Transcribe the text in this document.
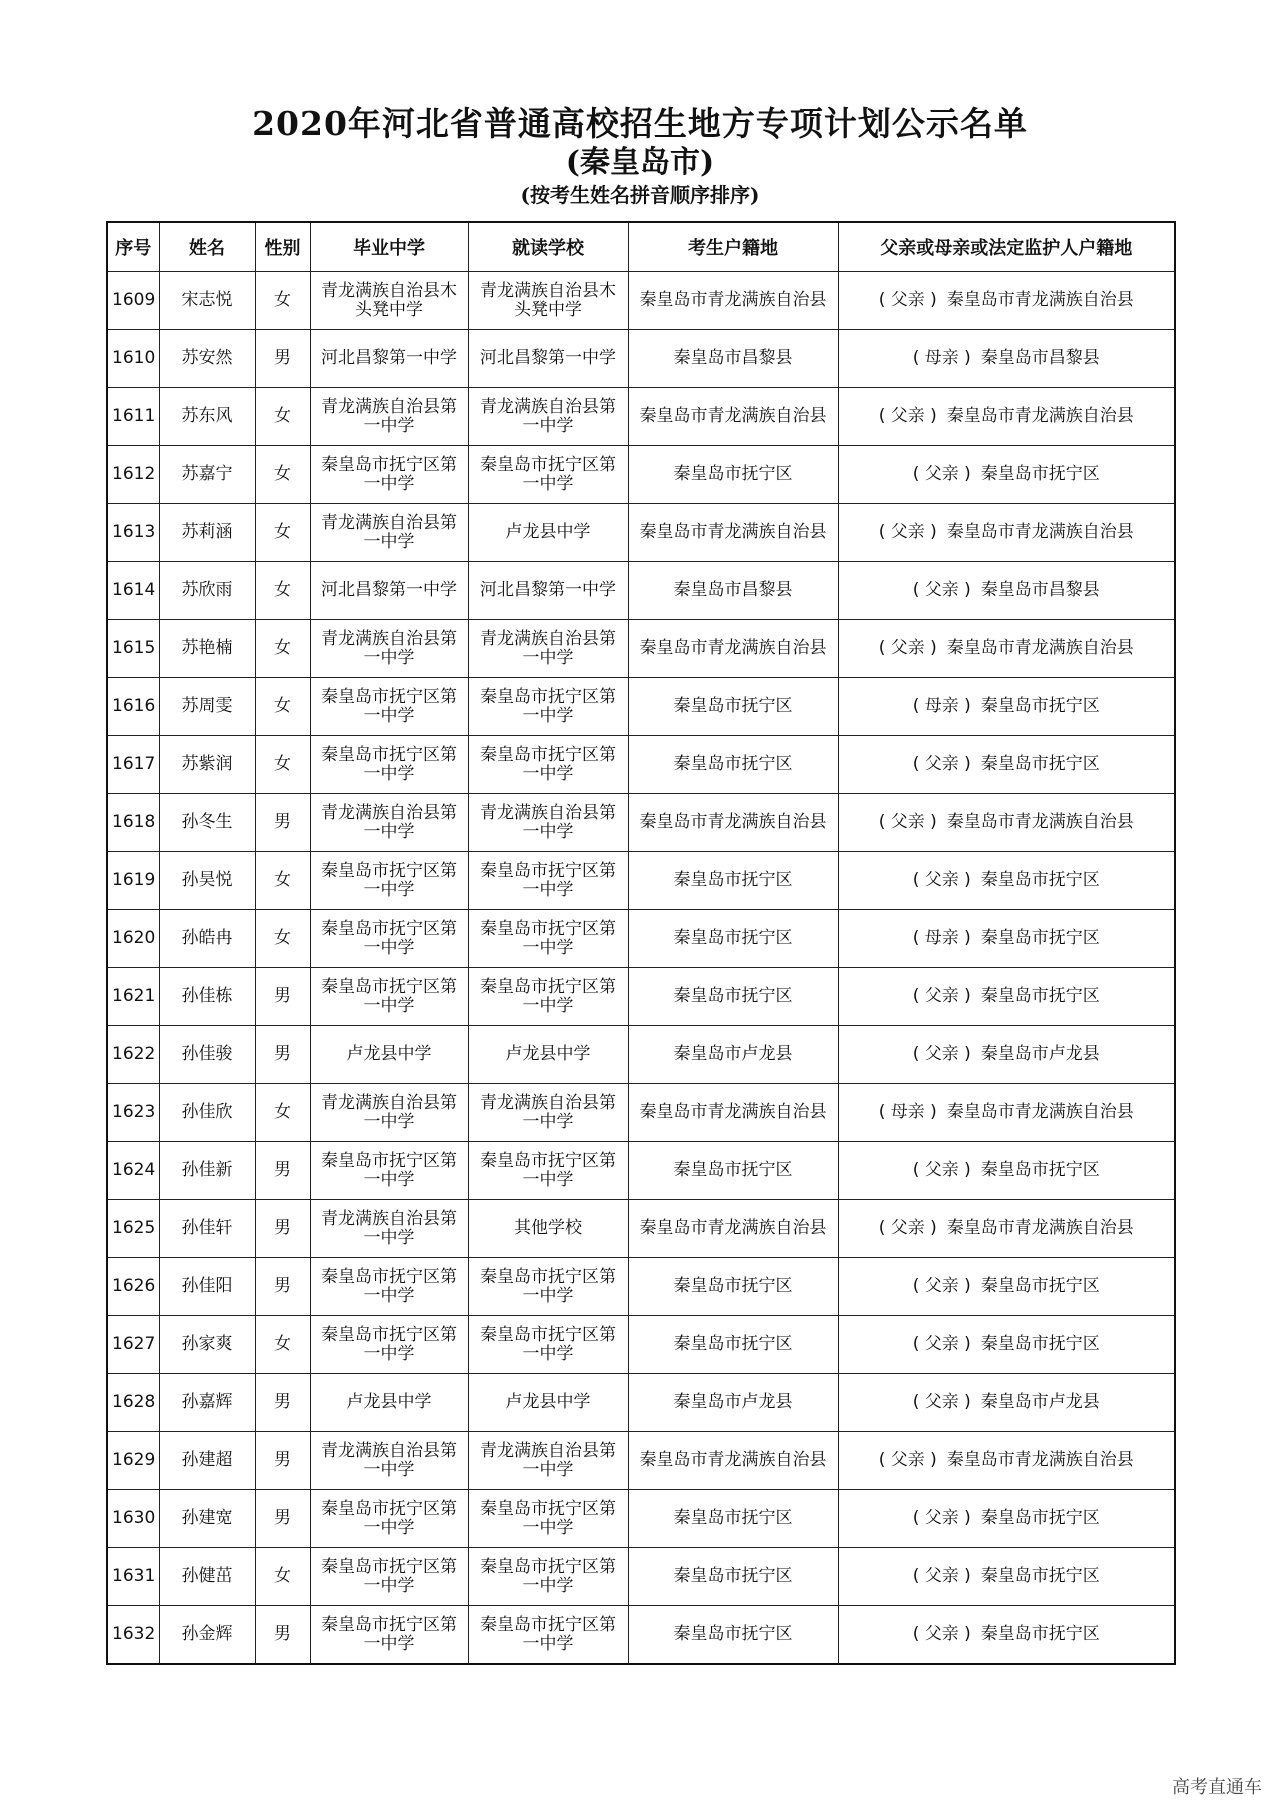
2020年河北省普通高校招生地方专项计划公示名单
(秦皇岛市)
(按考生姓名拼音顺序排序)
序号	姓名	性别	毕业中学	就读学校	考生户籍地	父亲或母亲或法定监护人户籍地
1609	宋志悦	女	青龙满族自治县木头凳中学	青龙满族自治县木头凳中学	秦皇岛市青龙满族自治县	( 父亲 ) 秦皇岛市青龙满族自治县
1610	苏安然	男	河北昌黎第一中学	河北昌黎第一中学	秦皇岛市昌黎县	( 母亲 ) 秦皇岛市昌黎县
1611	苏东风	女	青龙满族自治县第一中学	青龙满族自治县第一中学	秦皇岛市青龙满族自治县	( 父亲 ) 秦皇岛市青龙满族自治县
1612	苏嘉宁	女	秦皇岛市抚宁区第一中学	秦皇岛市抚宁区第一中学	秦皇岛市抚宁区	( 父亲 ) 秦皇岛市抚宁区
1613	苏莉涵	女	青龙满族自治县第一中学	卢龙县中学	秦皇岛市青龙满族自治县	( 父亲 ) 秦皇岛市青龙满族自治县
1614	苏欣雨	女	河北昌黎第一中学	河北昌黎第一中学	秦皇岛市昌黎县	( 父亲 ) 秦皇岛市昌黎县
1615	苏艳楠	女	青龙满族自治县第一中学	青龙满族自治县第一中学	秦皇岛市青龙满族自治县	( 父亲 ) 秦皇岛市青龙满族自治县
1616	苏周雯	女	秦皇岛市抚宁区第一中学	秦皇岛市抚宁区第一中学	秦皇岛市抚宁区	( 母亲 ) 秦皇岛市抚宁区
1617	苏紫润	女	秦皇岛市抚宁区第一中学	秦皇岛市抚宁区第一中学	秦皇岛市抚宁区	( 父亲 ) 秦皇岛市抚宁区
1618	孙冬生	男	青龙满族自治县第一中学	青龙满族自治县第一中学	秦皇岛市青龙满族自治县	( 父亲 ) 秦皇岛市青龙满族自治县
1619	孙昊悦	女	秦皇岛市抚宁区第一中学	秦皇岛市抚宁区第一中学	秦皇岛市抚宁区	( 父亲 ) 秦皇岛市抚宁区
1620	孙皓冉	女	秦皇岛市抚宁区第一中学	秦皇岛市抚宁区第一中学	秦皇岛市抚宁区	( 母亲 ) 秦皇岛市抚宁区
1621	孙佳栋	男	秦皇岛市抚宁区第一中学	秦皇岛市抚宁区第一中学	秦皇岛市抚宁区	( 父亲 ) 秦皇岛市抚宁区
1622	孙佳骏	男	卢龙县中学	卢龙县中学	秦皇岛市卢龙县	( 父亲 ) 秦皇岛市卢龙县
1623	孙佳欣	女	青龙满族自治县第一中学	青龙满族自治县第一中学	秦皇岛市青龙满族自治县	( 母亲 ) 秦皇岛市青龙满族自治县
1624	孙佳新	男	秦皇岛市抚宁区第一中学	秦皇岛市抚宁区第一中学	秦皇岛市抚宁区	( 父亲 ) 秦皇岛市抚宁区
1625	孙佳轩	男	青龙满族自治县第一中学	其他学校	秦皇岛市青龙满族自治县	( 父亲 ) 秦皇岛市青龙满族自治县
1626	孙佳阳	男	秦皇岛市抚宁区第一中学	秦皇岛市抚宁区第一中学	秦皇岛市抚宁区	( 父亲 ) 秦皇岛市抚宁区
1627	孙家爽	女	秦皇岛市抚宁区第一中学	秦皇岛市抚宁区第一中学	秦皇岛市抚宁区	( 父亲 ) 秦皇岛市抚宁区
1628	孙嘉辉	男	卢龙县中学	卢龙县中学	秦皇岛市卢龙县	( 父亲 ) 秦皇岛市卢龙县
1629	孙建超	男	青龙满族自治县第一中学	青龙满族自治县第一中学	秦皇岛市青龙满族自治县	( 父亲 ) 秦皇岛市青龙满族自治县
1630	孙建宽	男	秦皇岛市抚宁区第一中学	秦皇岛市抚宁区第一中学	秦皇岛市抚宁区	( 父亲 ) 秦皇岛市抚宁区
1631	孙健茁	女	秦皇岛市抚宁区第一中学	秦皇岛市抚宁区第一中学	秦皇岛市抚宁区	( 父亲 ) 秦皇岛市抚宁区
1632	孙金辉	男	秦皇岛市抚宁区第一中学	秦皇岛市抚宁区第一中学	秦皇岛市抚宁区	( 父亲 ) 秦皇岛市抚宁区
高考直通车
